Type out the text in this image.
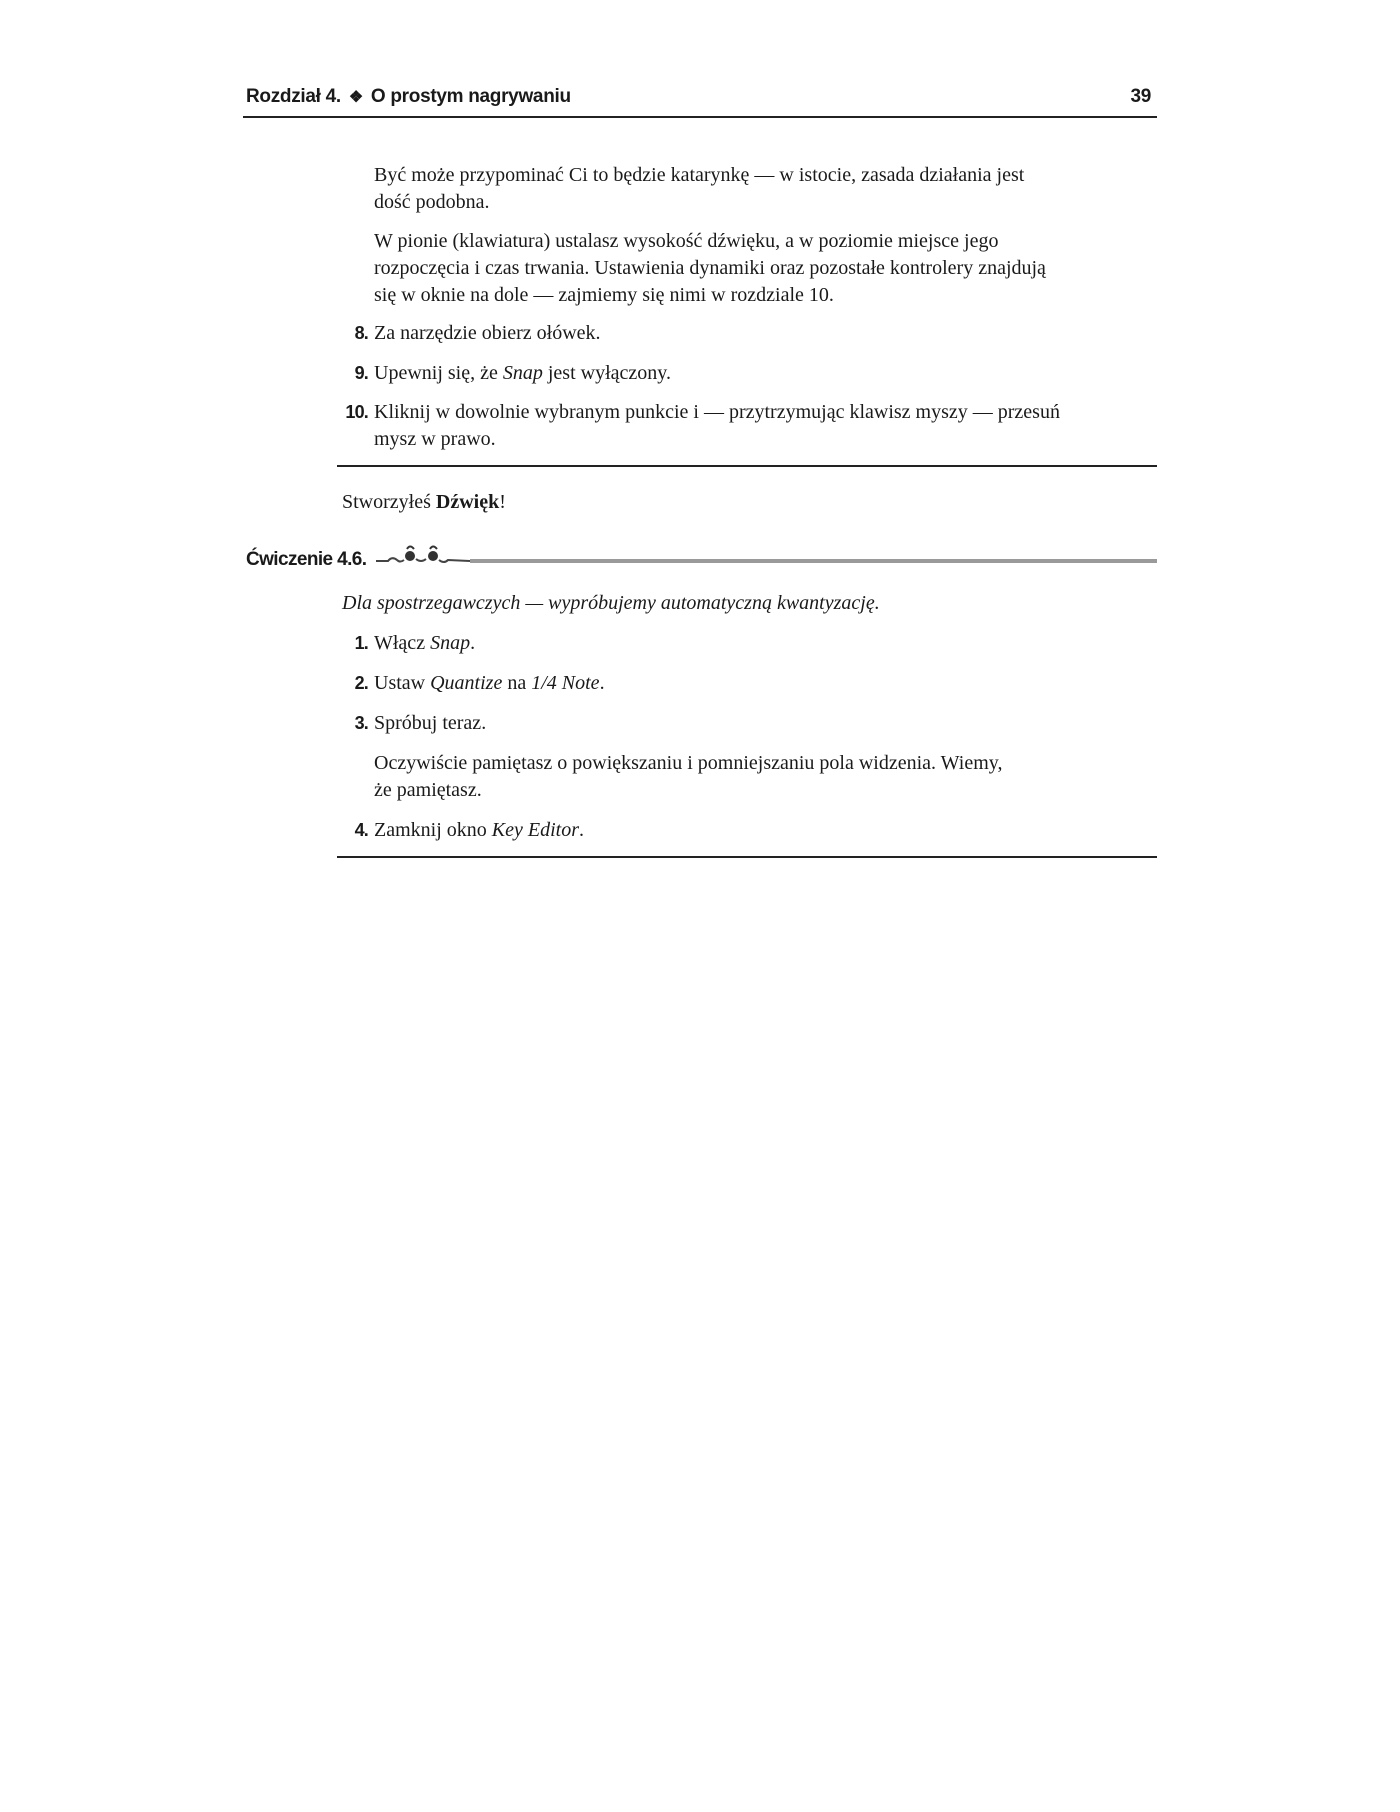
Rozdział 4. ❖ O prostym nagrywaniu	39

Być może przypominać Ci to będzie katarynkę — w istocie, zasada działania jest
dość podobna.

W pionie (klawiatura) ustalasz wysokość dźwięku, a w poziomie miejsce jego
rozpoczęcia i czas trwania. Ustawienia dynamiki oraz pozostałe kontrolery znajdują
się w oknie na dole — zajmiemy się nimi w rozdziale 10.

8. Za narzędzie obierz ołówek.

9. Upewnij się, że Snap jest wyłączony.

10. Kliknij w dowolnie wybranym punkcie i — przytrzymując klawisz myszy — przesuń
mysz w prawo.

Stworzyłeś Dźwięk!

Ćwiczenie 4.6.

Dla spostrzegawczych — wypróbujemy automatyczną kwantyzację.

1. Włącz Snap.

2. Ustaw Quantize na 1/4 Note.

3. Spróbuj teraz.

Oczywiście pamiętasz o powiększaniu i pomniejszaniu pola widzenia. Wiemy,
że pamiętasz.

4. Zamknij okno Key Editor.
